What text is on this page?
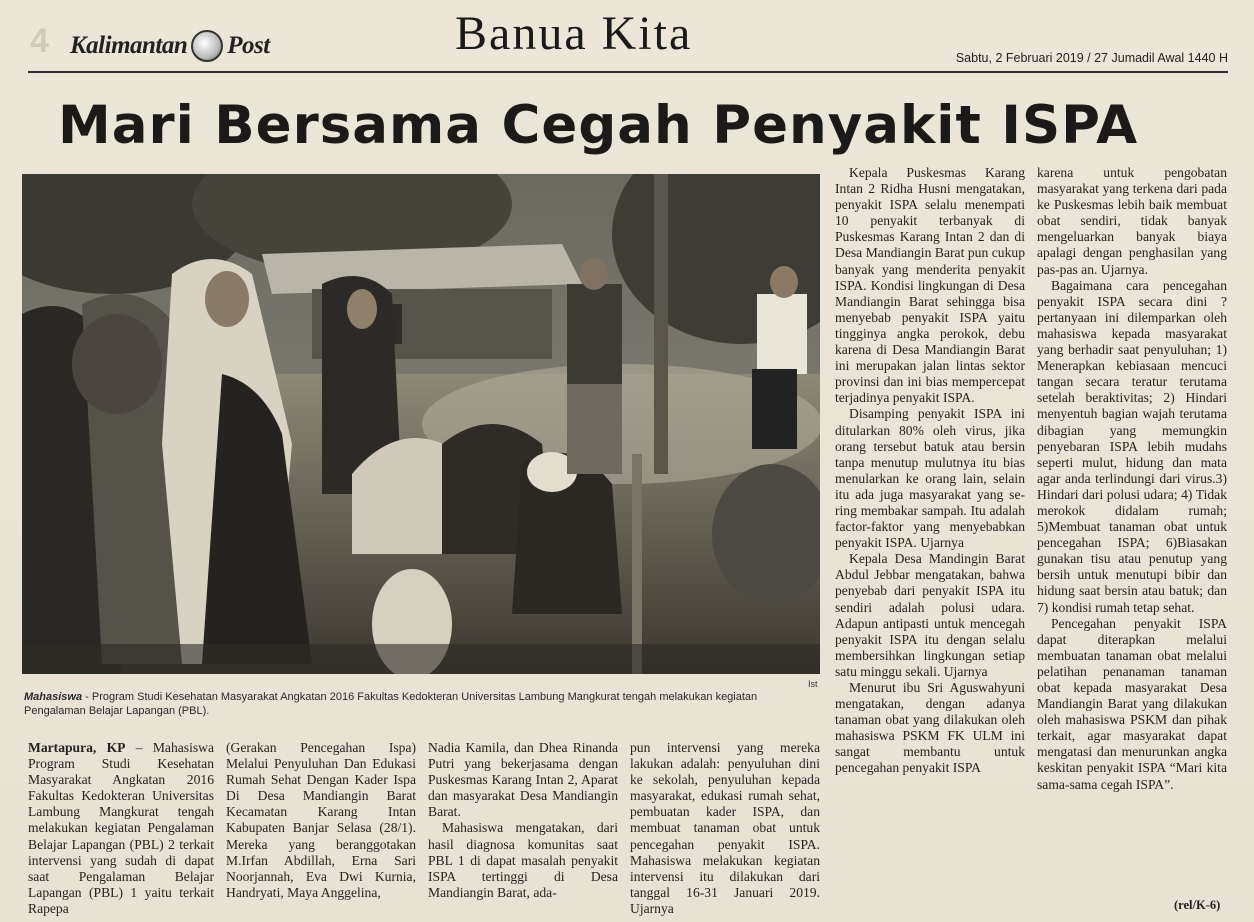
4 Kalimantan Post	Banua Kita	Sabtu, 2 Februari 2019 / 27 Jumadil Awal 1440 H
Mari Bersama Cegah Penyakit ISPA
Ist
Mahasiswa - Program Studi Kesehatan Masyarakat Angkatan 2016 Fakultas Kedokteran Universitas Lambung Mangkurat tengah melakukan kegiatan Pengalaman Belajar Lapangan (PBL).

Martapura, KP – Mahasiswa Program Studi Kesehatan Masyarakat Angkatan 2016 Fakultas Kedokteran Universitas Lambung Mangkurat tengah melakukan kegiatan Pengalaman Belajar Lapangan (PBL) 2 terkait intervensi yang sudah di dapat saat Pengalaman Belajar Lapangan (PBL) 1 yaitu terkait Rapepa

(Gerakan Pencegahan Ispa) Melalui Penyuluhan Dan Edukasi Rumah Sehat Dengan Kader Ispa Di Desa Mandiangin Barat Kecamatan Karang Intan Kabupaten Banjar Selasa (28/1). Mereka yang beranggotakan M.Irfan Abdillah, Erna Sari Noorjannah, Eva Dwi Kurnia, Handryati, Maya Anggelina,

Nadia Kamila, dan Dhea Rinanda Putri yang bekerjasama dengan Puskesmas Karang Intan 2, Aparat dan masyarakat Desa Mandiangin Barat.

Mahasiswa mengatakan, dari hasil diagnosa komunitas saat PBL 1 di dapat masalah penyakit ISPA tertinggi di Desa Mandiangin Barat, ada-

pun intervensi yang mereka lakukan adalah: penyuluhan dini ke sekolah, penyuluhan kepada masyarakat, edukasi rumah sehat, pembuatan kader ISPA, dan membuat tanaman obat untuk pencegahan penyakit ISPA. Mahasiswa melakukan kegiatan intervensi itu dilakukan dari tanggal 16-31 Januari 2019. Ujarnya

Kepala Puskesmas Karang Intan 2 Ridha Husni mengatakan, penyakit ISPA selalu menempati 10 penyakit terbanyak di Puskesmas Karang Intan 2 dan di Desa Mandiangin Barat pun cukup banyak yang menderita penyakit ISPA. Kondisi lingkungan di Desa Mandiangin Barat sehingga bisa menyebab penyakit ISPA yaitu tingginya angka perokok, debu karena di Desa Mandiangin Barat ini merupakan jalan lintas sektor provinsi dan ini bias mempercepat terjadinya penyakit ISPA.

Disamping penyakit ISPA ini ditularkan 80% oleh virus, jika orang tersebut batuk atau bersin tanpa menutup mulutnya itu bias menularkan ke orang lain, selain itu ada juga masyarakat yang se-ring membakar sampah. Itu adalah factor-faktor yang menyebabkan penyakit ISPA. Ujarnya

Kepala Desa Mandingin Barat Abdul Jebbar mengatakan, bahwa penyebab dari penyakit ISPA itu sendiri adalah polusi udara. Adapun antipasti untuk mencegah penyakit ISPA itu dengan selalu membersihkan lingkungan setiap satu minggu sekali. Ujarnya

Menurut ibu Sri Aguswahyuni mengatakan, dengan adanya tanaman obat yang dilakukan oleh mahasiswa PSKM FK ULM ini sangat membantu untuk pencegahan penyakit ISPA

karena untuk pengobatan masyarakat yang terkena dari pada ke Puskesmas lebih baik membuat obat sendiri, tidak banyak mengeluarkan banyak biaya apalagi dengan penghasilan yang pas-pas an. Ujarnya.

Bagaimana cara pencegahan penyakit ISPA secara dini ? pertanyaan ini dilemparkan oleh mahasiswa kepada masyarakat yang berhadir saat penyuluhan; 1) Menerapkan kebiasaan mencuci tangan secara teratur terutama setelah beraktivitas; 2) Hindari menyentuh bagian wajah terutama dibagian yang memungkin penyebaran ISPA lebih mudahs seperti mulut, hidung dan mata agar anda terlindungi dari virus.3) Hindari dari polusi udara; 4) Tidak merokok didalam rumah; 5)Membuat tanaman obat untuk pencegahan ISPA; 6)Biasakan gunakan tisu atau penutup yang bersih untuk menutupi bibir dan hidung saat bersin atau batuk; dan 7) kondisi rumah tetap sehat.

Pencegahan penyakit ISPA dapat diterapkan melalui membuatan tanaman obat melalui pelatihan penanaman tanaman obat kepada masyarakat Desa Mandiangin Barat yang dilakukan oleh mahasiswa PSKM dan pihak terkait, agar masyarakat dapat mengatasi dan menurunkan angka keskitan penyakit ISPA “Mari kita sama-sama cegah ISPA”.

(rel/K-6)
